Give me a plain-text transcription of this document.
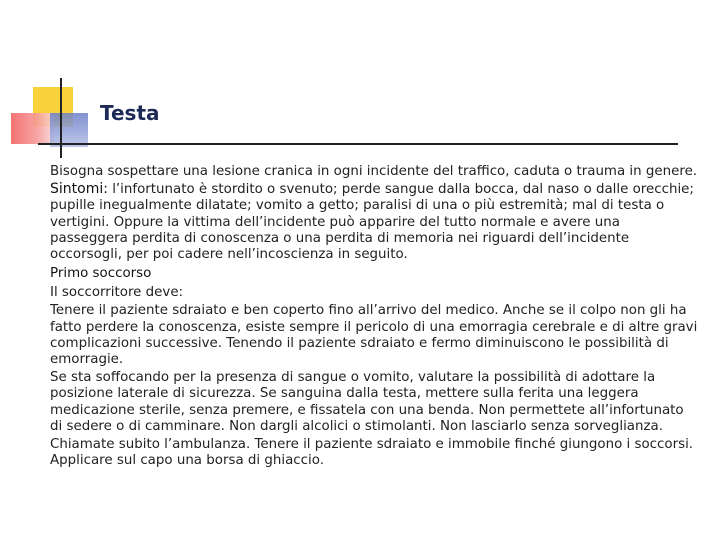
Testa

Bisogna sospettare una lesione cranica in ogni incidente del traffico, caduta o trauma in genere.

Sintomi: l’infortunato è stordito o svenuto; perde sangue dalla bocca, dal naso o dalle orecchie; pupille inegualmente dilatate; vomito a getto; paralisi di una o più estremità; mal di testa o vertigini. Oppure la vittima dell’incidente può apparire del tutto normale e avere una passeggera perdita di conoscenza o una perdita di memoria nei riguardi dell’incidente occorsogli, per poi cadere nell’incoscienza in seguito.

Primo soccorso

Il soccorritore deve:

Tenere il paziente sdraiato e ben coperto fino all’arrivo del medico. Anche se il colpo non gli ha fatto perdere la conoscenza, esiste sempre il pericolo di una emorragia cerebrale e di altre gravi complicazioni successive. Tenendo il paziente sdraiato e fermo diminuiscono le possibilità di emorragie.

Se sta soffocando per la presenza di sangue o vomito, valutare la possibilità di adottare la posizione laterale di sicurezza. Se sanguina dalla testa, mettere sulla ferita una leggera medicazione sterile, senza premere, e fissatela con una benda. Non permettete all’infortunato di sedere o di camminare. Non dargli alcolici o stimolanti. Non lasciarlo senza sorveglianza.

Chiamate subito l’ambulanza. Tenere il paziente sdraiato e immobile finché giungono i soccorsi. Applicare sul capo una borsa di ghiaccio.
